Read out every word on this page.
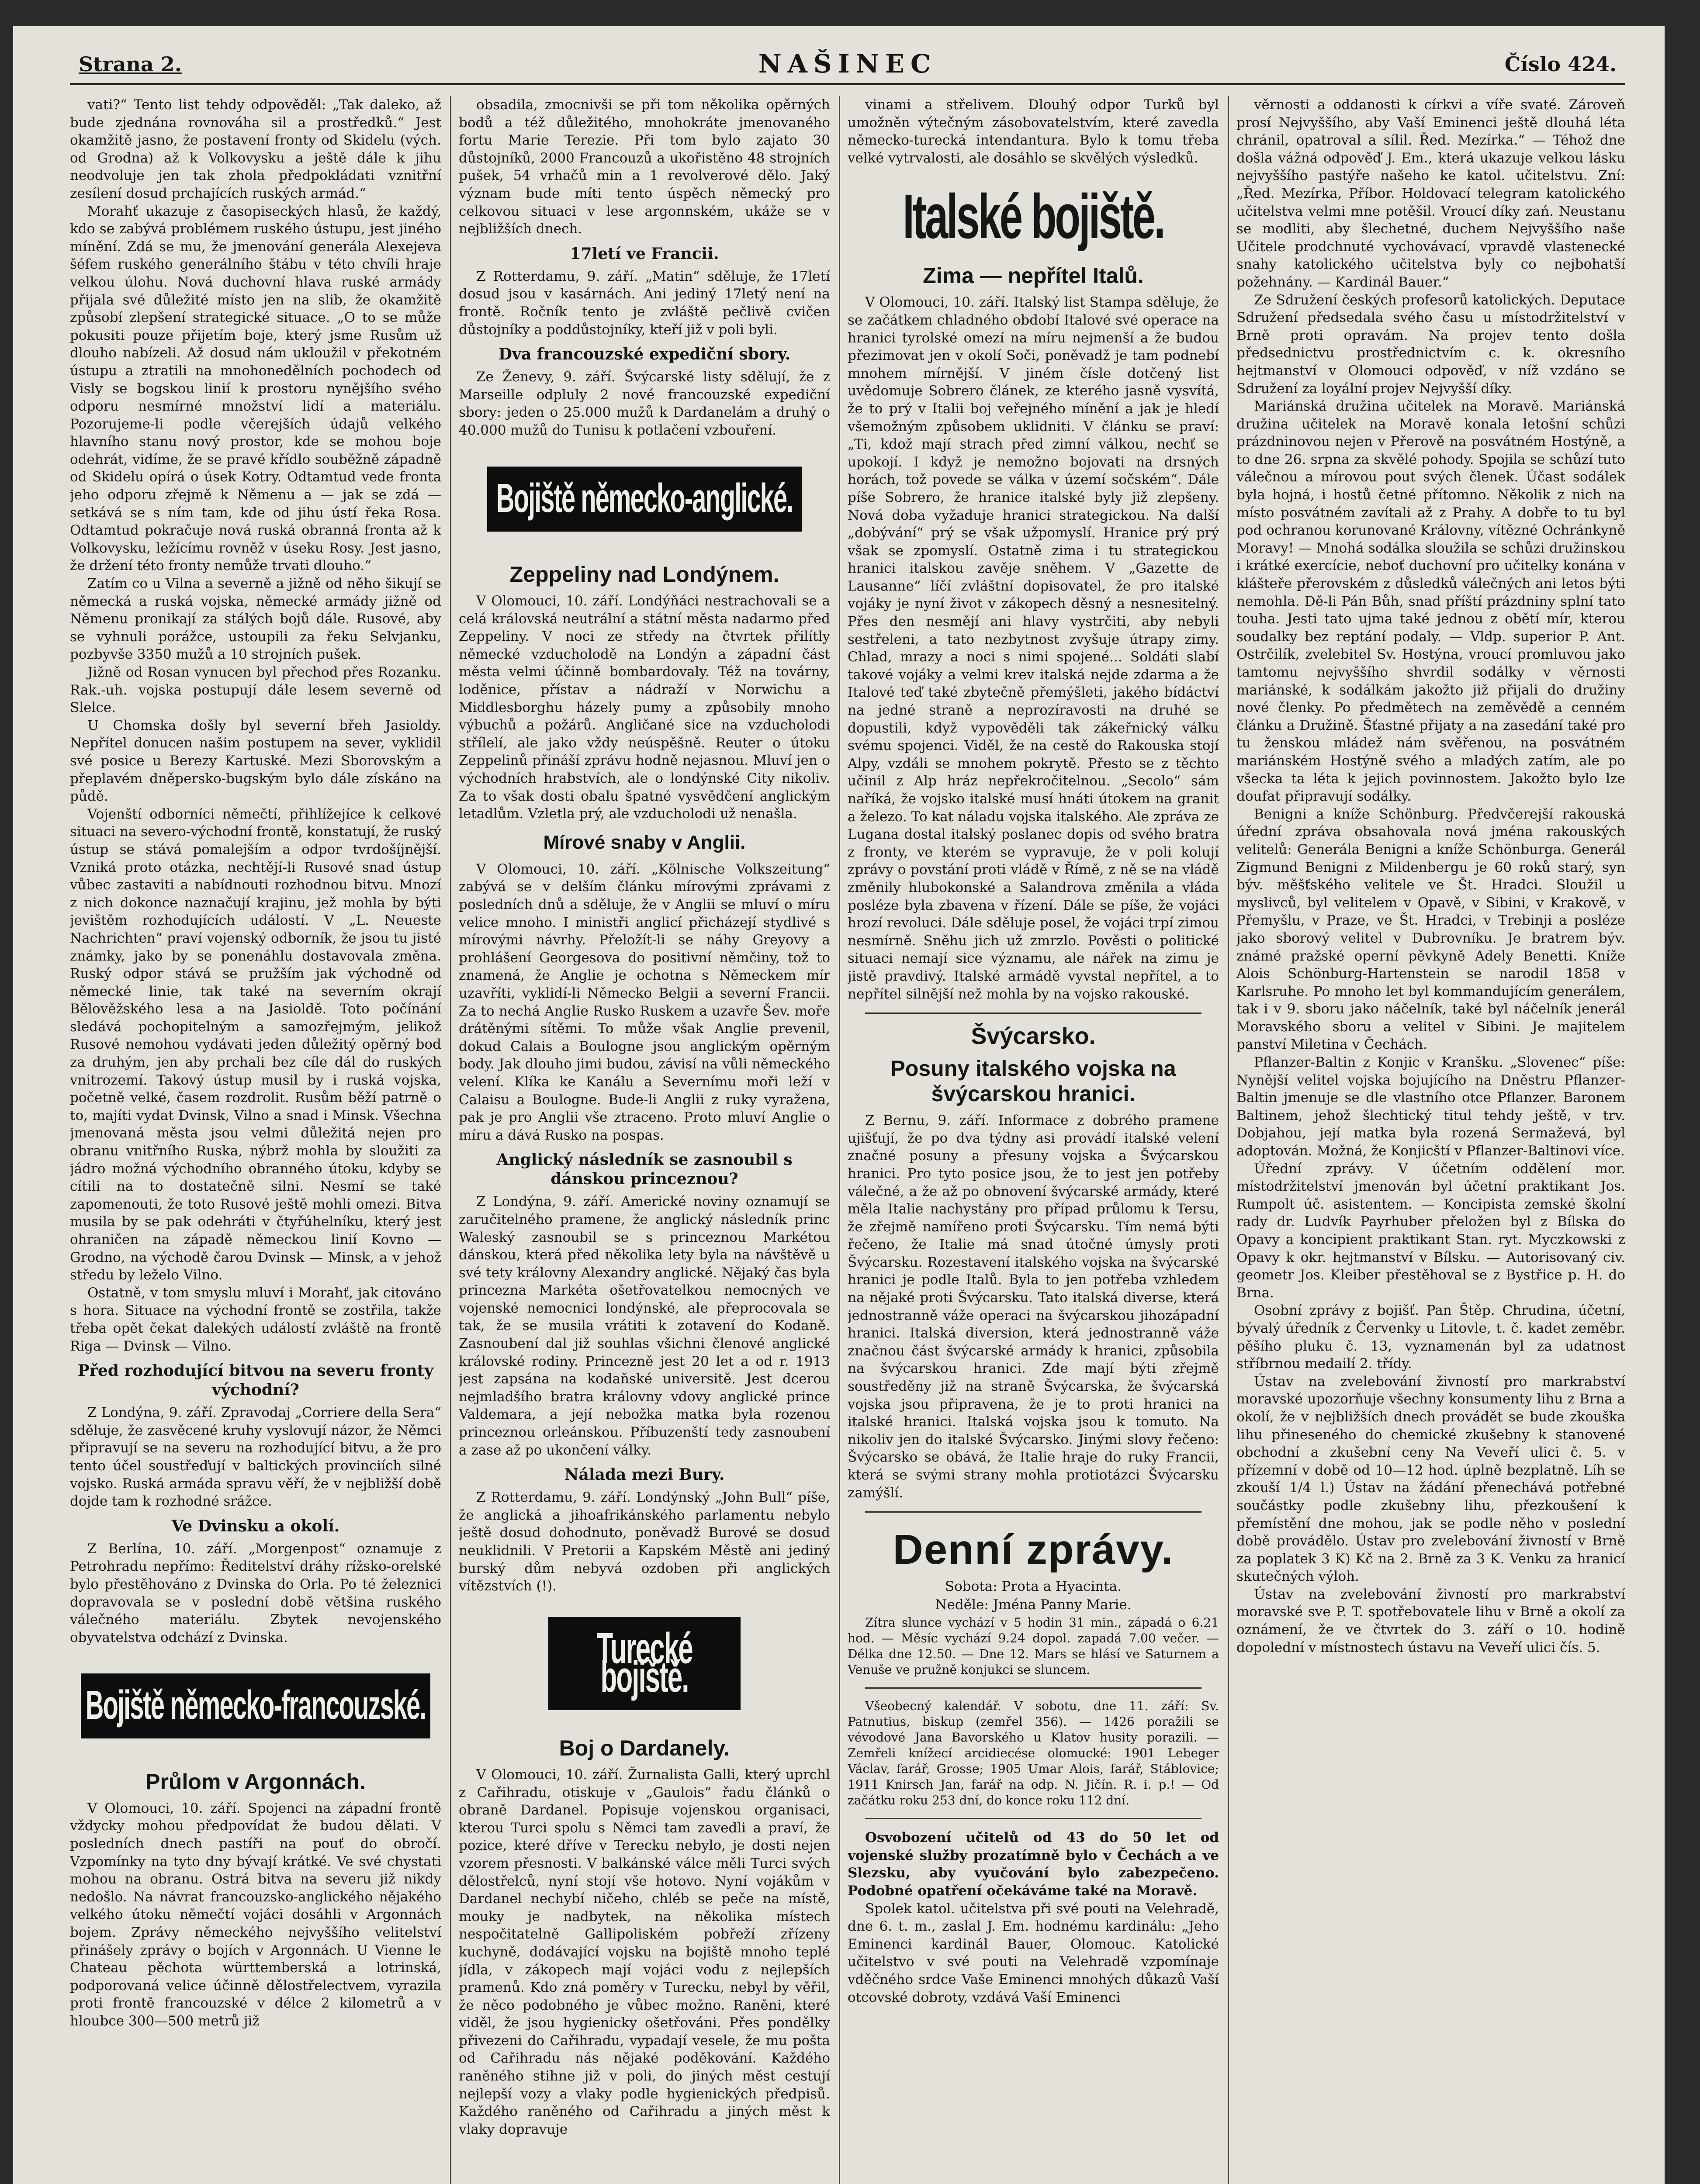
Strana 2.	NAŠINEC	Číslo 424.

vati?“ Tento list tehdy odpověděl: „Tak daleko, až bude zjednána rovnováha sil a prostředků.“ Jest okamžitě jasno, že postavení fronty od Skidelu (vých. od Grodna) až k Volkovysku a ještě dále k jihu neodvoluje jen tak zhola předpokládati vznitřní zesílení dosud prchajících ruských armád.“

Morahť ukazuje z časopiseckých hlasů, že každý, kdo se zabývá problémem ruského ústupu, jest jiného mínění. Zdá se mu, že jmenování generála Alexejeva šéfem ruského generálního štábu v této chvíli hraje velkou úlohu. Nová duchovní hlava ruské armády přijala své důležité místo jen na slib, že okamžitě způsobí zlepšení strategické situace. „O to se může pokusiti pouze přijetím boje, který jsme Rusům už dlouho nabízeli. Až dosud nám ukloužil v překotném ústupu a ztratili na mnohonedělních pochodech od Visly se bogskou linií k prostoru nynějšího svého odporu nesmírné množství lidí a materiálu. Pozorujeme-li podle včerejších údajů velkého hlavního stanu nový prostor, kde se mohou boje odehrát, vidíme, že se pravé křídlo souběžně západně od Skidelu opírá o úsek Kotry. Odtamtud vede fronta jeho odporu zřejmě k Němenu a — jak se zdá — setkává se s ním tam, kde od jihu ústí řeka Rosa. Odtamtud pokračuje nová ruská obranná fronta až k Volkovysku, ležícímu rovněž v úseku Rosy. Jest jasno, že držení této fronty nemůže trvati dlouho.“

Zatím co u Vilna a severně a jižně od něho šikují se německá a ruská vojska, německé armády jižně od Němenu pronikají za stálých bojů dále. Rusové, aby se vyhnuli porážce, ustoupili za řeku Selvjanku, pozbyvše 3350 mužů a 10 strojních pušek.

Jižně od Rosan vynucen byl přechod přes Rozanku. Rak.-uh. vojska postupují dále lesem severně od Slelce.

U Chomska došly byl severní břeh Jasioldy. Nepřítel donucen našim postupem na sever, vyklidil své posice u Berezy Kartuské. Mezi Sborovským a přeplavém dněpersko-bugským bylo dále získáno na půdě.

Vojenští odborníci němečtí, přihlížejíce k celkové situaci na severo-východní frontě, konstatují, že ruský ústup se stává pomalejším a odpor tvrdošíjnější. Vzniká proto otázka, nechtějí-li Rusové snad ústup vůbec zastaviti a nabídnouti rozhodnou bitvu. Mnozí z nich dokonce naznačují krajinu, jež mohla by býti jevištěm rozhodujících událostí. V „L. Neueste Nachrichten“ praví vojenský odborník, že jsou tu jisté známky, jako by se ponenáhlu dostavovala změna. Ruský odpor stává se pružším jak východně od německé linie, tak také na severním okrají Bělověžského lesa a na Jasioldě. Toto počínání sledává pochopitelným a samozřejmým, jelikož Rusové nemohou vydávati jeden důležitý opěrný bod za druhým, jen aby prchali bez cíle dál do ruských vnitrozemí. Takový ústup musil by i ruská vojska, početně velké, časem rozdrolit. Rusům běží patrně o to, majíti vydat Dvinsk, Vilno a snad i Minsk. Všechna jmenovaná města jsou velmi důležitá nejen pro obranu vnitřního Ruska, nýbrž mohla by sloužiti za jádro možná východního obranného útoku, kdyby se cítili na to dostatečně silni. Nesmí se také zapomenouti, že toto Rusové ještě mohli omezi. Bitva musila by se pak odehráti v čtyřúhelníku, který jest ohraničen na západě německou linií Kovno — Grodno, na východě čarou Dvinsk — Minsk, a v jehož středu by leželo Vilno.

Ostatně, v tom smyslu mluví i Morahť, jak citováno s hora. Situace na východní frontě se zostřila, takže třeba opět čekat dalekých událostí zvláště na frontě Riga — Dvinsk — Vilno.

Před rozhodující bitvou na severu fronty východní?

Z Londýna, 9. září. Zpravodaj „Corriere della Sera“ sděluje, že zasvěcené kruhy vyslovují názor, že Němci připravují se na severu na rozhodující bitvu, a že pro tento účel soustřeďují v baltických provinciích silné vojsko. Ruská armáda spravu věří, že v nejbližší době dojde tam k rozhodné srážce.

Ve Dvinsku a okolí.

Z Berlína, 10. září. „Morgenpost“ oznamuje z Petrohradu nepřímo: Ředitelství dráhy rížsko-orelské bylo přestěhováno z Dvinska do Orla. Po té železnici dopravovala se v poslední době většina ruského válečného materiálu. Zbytek nevojenského obyvatelstva odchází z Dvinska.

Bojiště německo-francouzské.
Průlom v Argonnách.

V Olomouci, 10. září. Spojenci na západní frontě vždycky mohou předpovídat že budou dělati. V posledních dnech pastíři na pouť do obročí. Vzpomínky na tyto dny bývají krátké. Ve své chystati mohou na obranu. Ostrá bitva na severu již nikdy nedošlo. Na návrat francouzsko-anglického nějakého velkého útoku němečtí vojáci dosáhli v Argonnách bojem. Zprávy německého nejvyššího velitelství přinášely zprávy o bojích v Argonnách. U Vienne le Chateau pěchota württemberská a lotrinská, podporovaná velice účinně dělostřelectvem, vyrazila proti frontě francouzské v délce 2 kilometrů a v hloubce 300—500 metrů již

obsadila, zmocnivši se při tom několika opěrných bodů a též důležitého, mnohokráte jmenovaného fortu Marie Terezie. Při tom bylo zajato 30 důstojníků, 2000 Francouzů a ukořistěno 48 strojních pušek, 54 vrhačů min a 1 revolverové dělo. Jaký význam bude míti tento úspěch německý pro celkovou situaci v lese argonnském, ukáže se v nejbližších dnech.

17letí ve Francii.

Z Rotterdamu, 9. září. „Matin“ sděluje, že 17letí dosud jsou v kasárnách. Ani jediný 17letý není na frontě. Ročník tento je zvláště pečlivě cvičen důstojníky a poddůstojníky, kteří již v poli byli.

Dva francouzské expediční sbory.

Ze Ženevy, 9. září. Švýcarské listy sdělují, že z Marseille odpluly 2 nové francouzské expediční sbory: jeden o 25.000 mužů k Dardanelám a druhý o 40.000 mužů do Tunisu k potlačení vzbouření.

Bojiště německo-anglické.
Zeppeliny nad Londýnem.

V Olomouci, 10. září. Londýňáci nestrachovali se a celá královská neutrální a státní města nadarmo před Zeppeliny. V noci ze středy na čtvrtek přilítly německé vzducholodě na Londýn a západní část města velmi účinně bombardovaly. Též na továrny, loděnice, přístav a nádraží v Norwichu a Middlesborghu házely pumy a způsobily mnoho výbuchů a požárů. Angličané sice na vzducholodi střílelí, ale jako vždy neúspěšně. Reuter o útoku Zeppelinů přináší zprávu hodně nejasnou. Mluví jen o východních hrabstvích, ale o londýnské City nikoliv. Za to však dosti obalu špatné vysvědčení anglickým letadlům. Vzletla prý, ale vzducholodi už nenašla.

Mírové snaby v Anglii.

V Olomouci, 10. září. „Kölnische Volkszeitung“ zabývá se v delším článku mírovými zprávami z posledních dnů a sděluje, že v Anglii se mluví o míru velice mnoho. I ministři anglicí přicházejí stydlivé s mírovými návrhy. Přeložít-li se náhy Greyovy a prohlášení Georgesova do positivní němčiny, tož to znamená, že Anglie je ochotna s Německem mír uzavříti, vyklidí-li Německo Belgii a severní Francii. Za to nechá Anglie Rusko Ruskem a uzavře Šev. moře drátěnými sítěmi. To může však Anglie prevenil, dokud Calais a Boulogne jsou anglickým opěrným body. Jak dlouho jimi budou, závisí na vůli německého velení. Klíka ke Kanálu a Severnímu moři leží v Calaisu a Boulogne. Bude-li Anglii z ruky vyražena, pak je pro Anglii vše ztraceno. Proto mluví Anglie o míru a dává Rusko na pospas.

Anglický následník se zasnoubil s dánskou princeznou?

Z Londýna, 9. září. Americké noviny oznamují se zaručitelného pramene, že anglický následník princ Waleský zasnoubil se s princeznou Markétou dánskou, která před několika lety byla na návštěvě u své tety královny Alexandry anglické. Nějaký čas byla princezna Markéta ošetřovatelkou nemocných ve vojenské nemocnici londýnské, ale přeprocovala se tak, že se musila vrátiti k zotavení do Kodaně. Zasnoubení dal již souhlas všichni členové anglické královské rodiny. Princezně jest 20 let a od r. 1913 jest zapsána na kodaňské universitě. Jest dcerou nejmladšího bratra královny vdovy anglické prince Valdemara, a její nebožka matka byla rozenou princeznou orleánskou. Příbuzenští tedy zasnoubení a zase až po ukončení války.

Nálada mezi Bury.

Z Rotterdamu, 9. září. Londýnský „John Bull“ píše, že anglická a jihoafrikánského parlamentu nebylo ještě dosud dohodnuto, poněvadž Burové se dosud neuklidnili. V Pretorii a Kapském Městě ani jediný burský dům nebyvá ozdoben při anglických vítězstvích (!).

Turecké bojiště.
Boj o Dardanely.

V Olomouci, 10. září. Žurnalista Galli, který uprchl z Cařihradu, otiskuje v „Gaulois“ řadu článků o obraně Dardanel. Popisuje vojenskou organisaci, kterou Turci spolu s Němci tam zavedli a praví, že pozice, které dříve v Terecku nebylo, je dosti nejen vzorem přesnosti. V balkánské válce měli Turci svých dělostřelců, nyní stojí vše hotovo. Nyní vojákům v Dardanel nechybí ničeho, chléb se peče na místě, mouky je nadbytek, na několika místech nespočitatelně Gallipoliském pobřeží zřízeny kuchyně, dodávající vojsku na bojiště mnoho teplé jídla, v zákopech mají vojáci vodu z nejlepších pramenů. Kdo zná poměry v Turecku, nebyl by věřil, že něco podobného je vůbec možno. Raněni, které viděl, že jsou hygienicky ošetřováni. Přes pondělky přivezeni do Cařihradu, vypadají vesele, že mu pošta od Cařihradu nás nějaké poděkování. Každého raněného stihne již v poli, do jiných měst cestují nejlepší vozy a vlaky podle hygienických předpisů. Každého raněného od Cařihradu a jiných měst k vlaky dopravuje

vinami a střelivem. Dlouhý odpor Turků byl umožněn výtečným zásobovatelstvím, které zavedla německo-turecká intendantura. Bylo k tomu třeba velké vytrvalosti, ale dosáhlo se skvělých výsledků.

Italské bojiště.
Zima — nepřítel Italů.

V Olomouci, 10. září. Italský list Stampa sděluje, že se začátkem chladného období Italové své operace na hranici tyrolské omezí na míru nejmenší a že budou přezimovat jen v okolí Soči, poněvadž je tam podnebí mnohem mírnější. V jiném čísle dotčený list uvědomuje Sobrero článek, ze kterého jasně vysvítá, že to prý v Italii boj veřejného mínění a jak je hledí všemožným způsobem uklidniti. V článku se praví: „Ti, kdož mají strach před zimní válkou, nechť se upokojí. I když je nemožno bojovati na drsných horách, tož povede se válka v území sočském“. Dále píše Sobrero, že hranice italské byly již zlepšeny. Nová doba vyžaduje hranici strategickou. Na další „dobývání“ prý se však užpomyslí. Hranice prý prý však se zpomyslí. Ostatně zima i tu strategickou hranici italskou zavěje sněhem. V „Gazette de Lausanne“ líčí zvláštní dopisovatel, že pro italské vojáky je nyní život v zákopech děsný a nesnesitelný. Přes den nesmějí ani hlavy vystrčiti, aby nebyli sestřeleni, a tato nezbytnost zvyšuje útrapy zimy. Chlad, mrazy a noci s nimi spojené... Soldáti slabí takové vojáky a velmi krev italská nejde zdarma a že Italové teď také zbytečně přemýšleti, jakého bídáctví na jedné straně a neprozíravosti na druhé se dopustili, když vypověděli tak zákeřnický válku svému spojenci. Viděl, že na cestě do Rakouska stojí Alpy, vzdáli se mnohem pokrytě. Přesto se z těchto učinil z Alp hráz nepřekročitelnou. „Secolo“ sám naříká, že vojsko italské musí hnáti útokem na granit a železo. To kat náladu vojska italského. Ale zpráva ze Lugana dostal italský poslanec dopis od svého bratra z fronty, ve kterém se vypravuje, že v poli kolují zprávy o povstání proti vládě v Římě, z ně se na vládě změnily hlubokonské a Salandrova změnila a vláda posléze byla zbavena v řízení. Dále se píše, že vojáci hrozí revoluci. Dále sděluje posel, že vojáci trpí zimou nesmírně. Sněhu jich už zmrzlo. Pověsti o politické situaci nemají sice významu, ale nářek na zimu je jistě pravdivý. Italské armádě vyvstal nepřítel, a to nepřítel silnější než mohla by na vojsko rakouské.

Švýcarsko.
Posuny italského vojska na švýcarskou hranici.

Z Bernu, 9. září. Informace z dobrého pramene ujišťují, že po dva týdny asi provádí italské velení značné posuny a přesuny vojska a Švýcarskou hranici. Pro tyto posice jsou, že to jest jen potřeby válečné, a že až po obnovení švýcarské armády, které měla Italie nachystány pro případ průlomu k Tersu, že zřejmě namířeno proti Švýcarsku. Tím nemá býti řečeno, že Italie má snad útočné úmysly proti Švýcarsku. Rozestavení italského vojska na švýcarské hranici je podle Italů. Byla to jen potřeba vzhledem na nějaké proti Švýcarsku. Tato italská diverse, která jednostranně váže operaci na švýcarskou jihozápadní hranici. Italská diversion, která jednostranně váže značnou část švýcarské armády k hranici, způsobila na švýcarskou hranici. Zde mají býti zřejmě soustředěny již na straně Švýcarska, že švýcarská vojska jsou připravena, že je to proti hranici na italské hranici. Italská vojska jsou k tomuto. Na nikoliv jen do italské Švýcarsko. Jinými slovy řečeno: Švýcarsko se obává, že Italie hraje do ruky Francii, která se svými strany mohla protiotázci Švýcarsku zamýšlí.

Denní zprávy.
Sobota: Prota a Hyacinta.
Neděle: Jména Panny Marie.

Zítra slunce vychází v 5 hodin 31 min., západá o 6.21 hod. — Měsíc vychází 9.24 dopol. zapadá 7.00 večer. — Délka dne 12.50. — Dne 12. Mars se hlásí ve Saturnem a Venuše ve pružně konjukci se sluncem.

Všeobecný kalendář. V sobotu, dne 11. září: Sv. Patnutius, biskup (zemřel 356). — 1426 poražili se vévodové Jana Bavorského u Klatov husity porazili. — Zemřeli knížecí arcidiecése olomucké: 1901 Lebeger Václav, farář, Grosse; 1905 Umar Alois, farář, Stáblovice; 1911 Knirsch Jan, farář na odp. N. Jičín. R. i. p.! — Od začátku roku 253 dní, do konce roku 112 dní.

Osvobození učitelů od 43 do 50 let od vojenské služby prozatímně bylo v Čechách a ve Slezsku, aby vyučování bylo zabezpečeno. Podobné opatření očekáváme také na Moravě.

Spolek katol. učitelstva při své pouti na Velehradě, dne 6. t. m., zaslal J. Em. hodnému kardinálu: „Jeho Eminenci kardinál Bauer, Olomouc. Katolické učitelstvo v své pouti na Velehradě vzpomínaje vděčného srdce Vaše Eminenci mnohých důkazů Vaší otcovské dobroty, vzdává Vaší Eminenci

věrnosti a oddanosti k církvi a víře svaté. Zároveň prosí Nejvyššího, aby Vaší Eminenci ještě dlouhá léta chránil, opatroval a sílil. Řed. Mezírka.“ — Téhož dne došla vážná odpověď J. Em., která ukazuje velkou lásku nejvyššího pastýře našeho ke katol. učitelstvu. Zní: „Řed. Mezírka, Příbor. Holdovací telegram katolického učitelstva velmi mne potěšil. Vroucí díky zań. Neustanu se modliti, aby šlechetné, duchem Nejvyššího naše Učitele prodchnuté vychovávací, vpravdě vlastenecké snahy katolického učitelstva byly co nejbohatší požehnány. — Kardinál Bauer.“

Ze Sdružení českých profesorů katolických. Deputace Sdružení předsedala svého času u místodržitelství v Brně proti opravám. Na projev tento došla předsednictvu prostřednictvím c. k. okresního hejtmanství v Olomouci odpověď, v níž vzdáno se Sdružení za loyální projev Nejvyšší díky.

Mariánská družina učitelek na Moravě. Mariánská družina učitelek na Moravě konala letošní schůzi prázdninovou nejen v Přerově na posvátném Hostýně, a to dne 26. srpna za skvělé pohody. Spojila se schůzí tuto válečnou a mírovou pout svých členek. Účast sodálek byla hojná, i hostů četné přítomno. Několik z nich na místo posvátném zavítali až z Prahy. A dobře to tu byl pod ochranou korunované Královny, vítězné Ochránkyně Moravy! — Mnohá sodálka sloužila se schůzi družinskou i krátké exercície, neboť duchovní pro učitelky konána v klášteře přerovském z důsledků válečných ani letos býti nemohla. Dě-li Pán Bůh, snad příští prázdniny splní tato touha. Jesti tato ujma také jednou z obětí mír, kterou soudalky bez reptání podaly. — Vldp. superior P. Ant. Ostrčilík, zvelebitel Sv. Hostýna, vroucí promluvou jako tamtomu nejvyššího shvrdil sodálky v věrnosti mariánské, k sodálkám jakožto již přijali do družiny nové členky. Po předmětech na zeměvědě a cenném článku a Družině. Šťastné přijaty a na zasedání také pro tu ženskou mládež nám svěřenou, na posvátném mariánském Hostýně svého a mladých zatím, ale po všecka ta léta k jejich povinnostem. Jakožto bylo lze doufat připravují sodálky.

Benigni a kníže Schönburg. Předvčerejší rakouská úřední zpráva obsahovala nová jména rakouských velitelů: Generála Benigni a kníže Schönburga. Generál Zigmund Benigni z Mildenbergu je 60 roků starý, syn býv. měšťského velitele ve Št. Hradci. Sloužil u myslivců, byl velitelem v Opavě, v Sibini, v Krakově, v Přemyšlu, v Praze, ve Št. Hradci, v Trebinji a posléze jako sborový velitel v Dubrovníku. Je bratrem býv. známé pražské operní pěvkyně Adely Benetti. Kníže Alois Schönburg-Hartenstein se narodil 1858 v Karlsruhe. Po mnoho let byl kommandujícím generálem, tak i v 9. sboru jako náčelník, také byl náčelník jenerál Moravského sboru a velitel v Sibini. Je majitelem panství Miletina v Čechách.

Pflanzer-Baltin z Konjic v Kranšku. „Slovenec“ píše: Nynější velitel vojska bojujícího na Dněstru Pflanzer-Baltin jmenuje se dle vlastního otce Pflanzer. Baronem Baltinem, jehož šlechtický titul tehdy ještě, v trv. Dobjahou, její matka byla rozená Sermaževá, byl adoptován. Možná, že Konjicští v Pflanzer-Baltinovi více.

Úřední zprávy. V účetním oddělení mor. místodržitelství jmenován byl účetní praktikant Jos. Rumpolt úč. asistentem. — Koncipista zemské školní rady dr. Ludvík Payrhuber přeložen byl z Bílska do Opavy a koncipient praktikant Stan. ryt. Myczkowski z Opavy k okr. hejtmanství v Bílsku. — Autorisovaný civ. geometr Jos. Kleiber přestěhoval se z Bystřice p. H. do Brna.

Osobní zprávy z bojišť. Pan Štěp. Chrudina, účetní, bývalý úředník z Červenky u Litovle, t. č. kadet zeměbr. pěšího pluku č. 13, vyznamenán byl za udatnost stříbrnou medailí 2. třídy.

Ústav na zvelebování živností pro markrabství moravské upozorňuje všechny konsumenty lihu z Brna a okolí, že v nejbližších dnech provádět se bude zkouška lihu přineseného do chemické zkušebny k stanovené obchodní a zkušební ceny Na Veveří ulici č. 5. v přízemní v době od 10—12 hod. úplně bezplatně. Líh se zkouší 1/4 l.) Ústav na žádání přenechává potřebné součástky podle zkušebny lihu, přezkoušení k přemístění dne mohou, jak se podle něho v poslední době provádělo. Ústav pro zvelebování živností v Brně za poplatek 3 K) Kč na 2. Brně za 3 K. Venku za hranicí skutečných výloh.

Ústav na zvelebování živností pro markrabství moravské sve P. T. spotřebovatele lihu v Brně a okolí za oznámení, že ve čtvrtek do 3. září o 10. hodině dopolední v místnostech ústavu na Veveří ulici čís. 5.
